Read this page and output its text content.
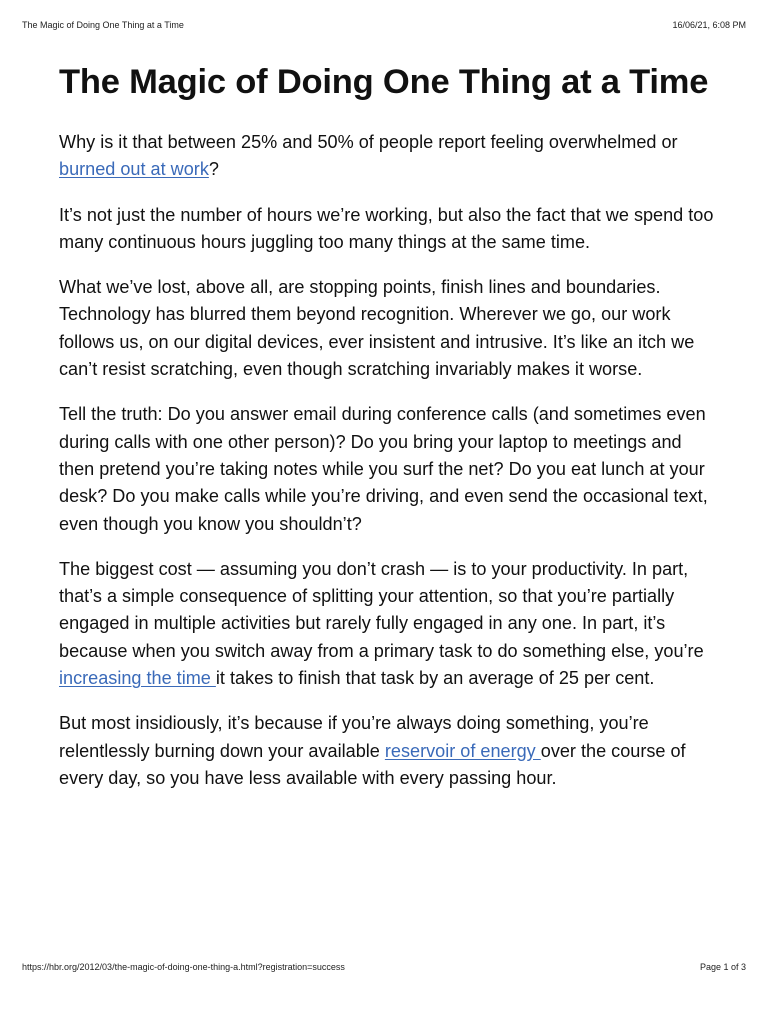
The Magic of Doing One Thing at a Time	16/06/21, 6:08 PM
The Magic of Doing One Thing at a Time

Why is it that between 25% and 50% of people report feeling overwhelmed or burned out at work?

It’s not just the number of hours we’re working, but also the fact that we spend too many continuous hours juggling too many things at the same time.

What we’ve lost, above all, are stopping points, finish lines and boundaries. Technology has blurred them beyond recognition. Wherever we go, our work follows us, on our digital devices, ever insistent and intrusive. It’s like an itch we can’t resist scratching, even though scratching invariably makes it worse.

Tell the truth: Do you answer email during conference calls (and sometimes even during calls with one other person)? Do you bring your laptop to meetings and then pretend you’re taking notes while you surf the net? Do you eat lunch at your desk? Do you make calls while you’re driving, and even send the occasional text, even though you know you shouldn’t?

The biggest cost — assuming you don’t crash — is to your productivity. In part, that’s a simple consequence of splitting your attention, so that you’re partially engaged in multiple activities but rarely fully engaged in any one. In part, it’s because when you switch away from a primary task to do something else, you’re increasing the time it takes to finish that task by an average of 25 per cent.

But most insidiously, it’s because if you’re always doing something, you’re relentlessly burning down your available reservoir of energy over the course of every day, so you have less available with every passing hour.

https://hbr.org/2012/03/the-magic-of-doing-one-thing-a.html?registration=success	Page 1 of 3
